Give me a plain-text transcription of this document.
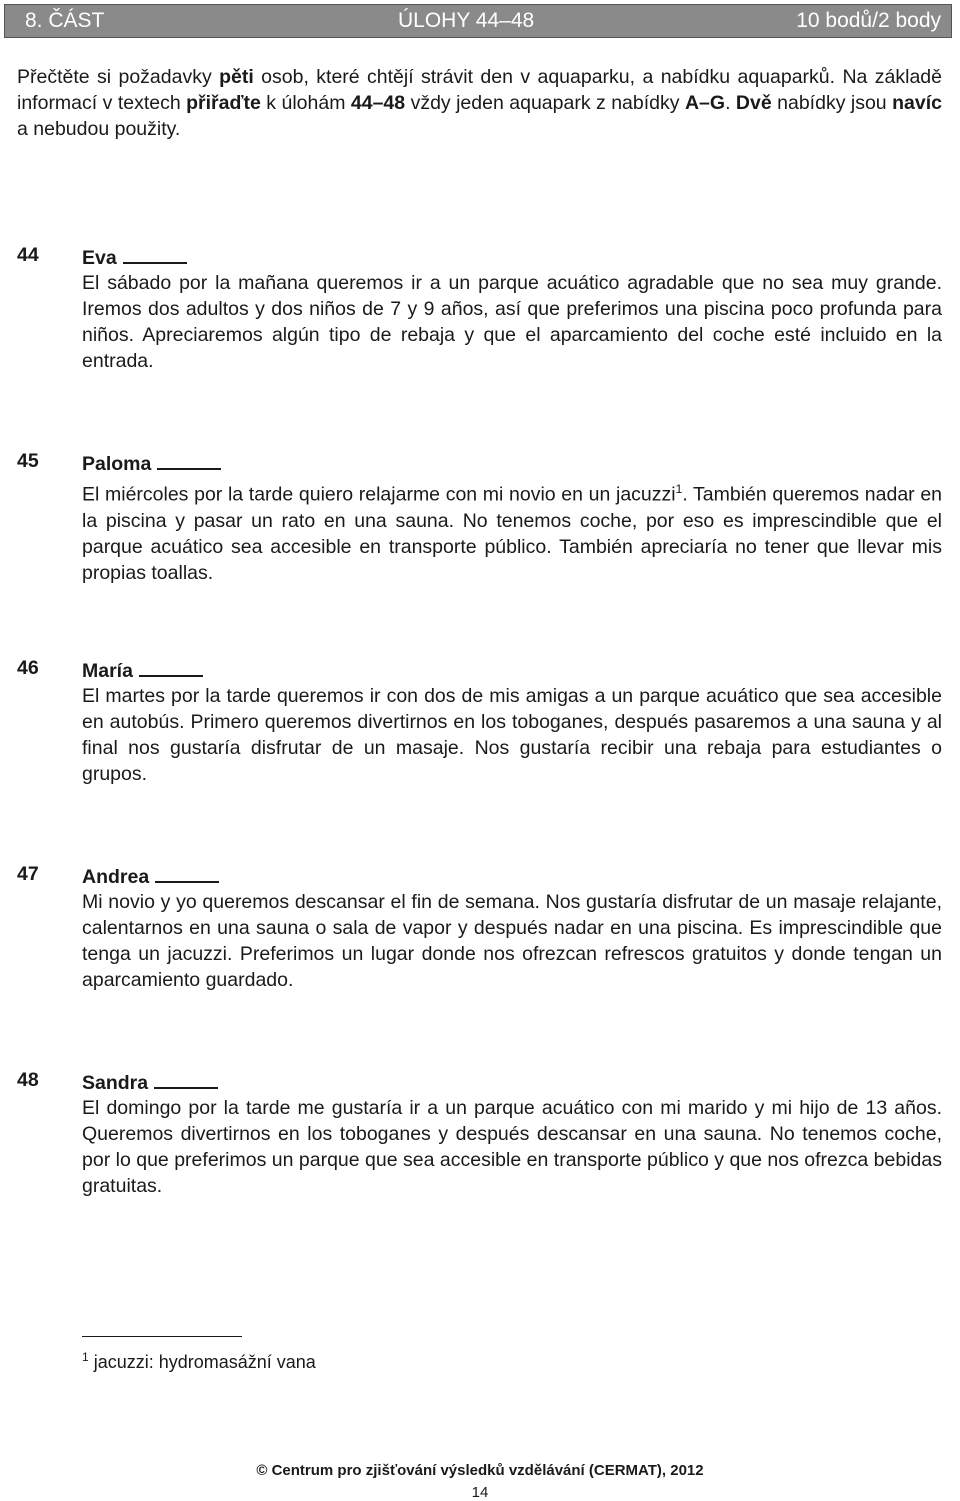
8. ČÁST	ÚLOHY 44–48	10 bodů/2 body
Přečtěte si požadavky pěti osob, které chtějí strávit den v aquaparku, a nabídku aquaparků. Na základě informací v textech přiřaďte k úlohám 44–48 vždy jeden aquapark z nabídky A–G. Dvě nabídky jsou navíc a nebudou použity.
44 Eva
El sábado por la mañana queremos ir a un parque acuático agradable que no sea muy grande. Iremos dos adultos y dos niños de 7 y 9 años, así que preferimos una piscina poco profunda para niños. Apreciaremos algún tipo de rebaja y que el aparcamiento del coche esté incluido en la entrada.
45 Paloma
El miércoles por la tarde quiero relajarme con mi novio en un jacuzzi$^1$. También queremos nadar en la piscina y pasar un rato en una sauna. No tenemos coche, por eso es imprescindible que el parque acuático sea accesible en transporte público. También apreciaría no tener que llevar mis propias toallas.
46 María
El martes por la tarde queremos ir con dos de mis amigas a un parque acuático que sea accesible en autobús. Primero queremos divertirnos en los toboganes, después pasaremos a una sauna y al final nos gustaría disfrutar de un masaje. Nos gustaría recibir una rebaja para estudiantes o grupos.
47 Andrea
Mi novio y yo queremos descansar el fin de semana. Nos gustaría disfrutar de un masaje relajante, calentarnos en una sauna o sala de vapor y después nadar en una piscina. Es imprescindible que tenga un jacuzzi. Preferimos un lugar donde nos ofrezcan refrescos gratuitos y donde tengan un aparcamiento guardado.
48 Sandra
El domingo por la tarde me gustaría ir a un parque acuático con mi marido y mi hijo de 13 años. Queremos divertirnos en los toboganes y después descansar en una sauna. No tenemos coche, por lo que preferimos un parque que sea accesible en transporte público y que nos ofrezca bebidas gratuitas.
$^1$ jacuzzi: hydromasážní vana
© Centrum pro zjišťování výsledků vzdělávání (CERMAT), 2012
14
